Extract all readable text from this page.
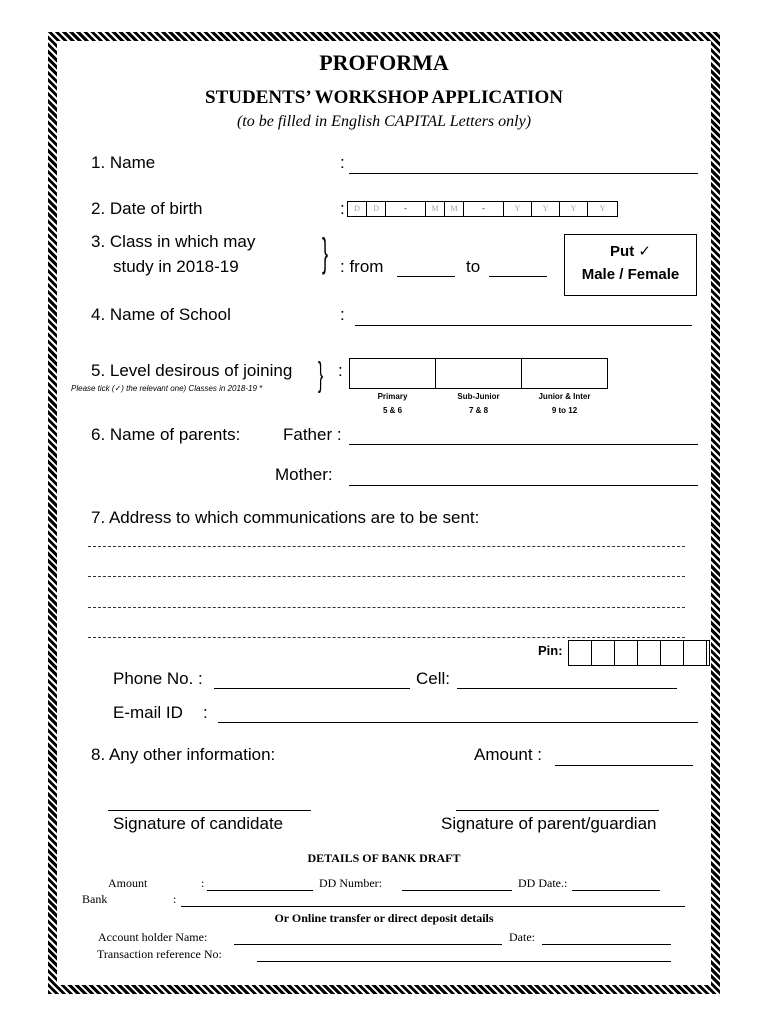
PROFORMA
STUDENTS’ WORKSHOP APPLICATION
(to be filled in English CAPITAL Letters only)
1. Name	:
2. Date of birth	:	D	D	-	M	M	-	Y	Y	Y	Y
3. Class in which may
study in 2018-19 } : from	to
Put ✓
Male / Female
4. Name of School	:
5. Level desirous of joining } :
Please tick (✓) the relevant one) Classes in 2018-19 *
Primary
5 & 6
Sub-Junior
7 & 8
Junior & Inter
9 to 12
6. Name of parents:	Father :
Mother:
7. Address to which communications are to be sent:
Pin:
Phone No. :	Cell:
E-mail ID :
8. Any other information:	Amount :
Signature of candidate	Signature of parent/guardian
DETAILS OF BANK DRAFT
Amount	:	DD Number:	DD Date.:
Bank	:
Or Online transfer or direct deposit details
Account holder Name:	Date:
Transaction reference No:
